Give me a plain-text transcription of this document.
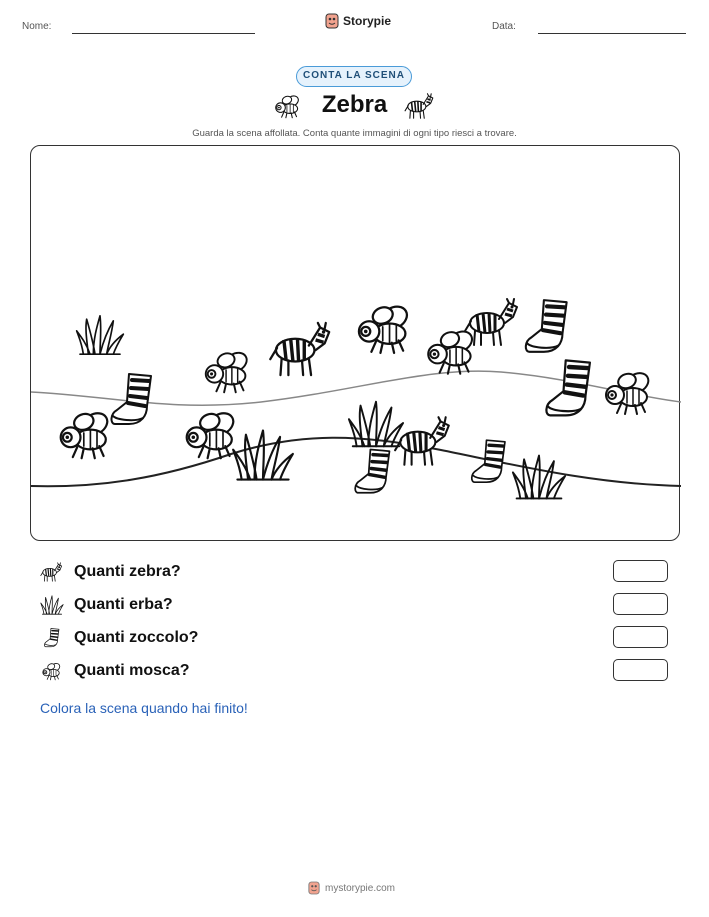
Nome:	Storypie	Data:
CONTA LA SCENA
Zebra
Guarda la scena affollata. Conta quante immagini di ogni tipo riesci a trovare.
Quanti zebra?
Quanti erba?
Quanti zoccolo?
Quanti mosca?
Colora la scena quando hai finito!
mystorypie.com
